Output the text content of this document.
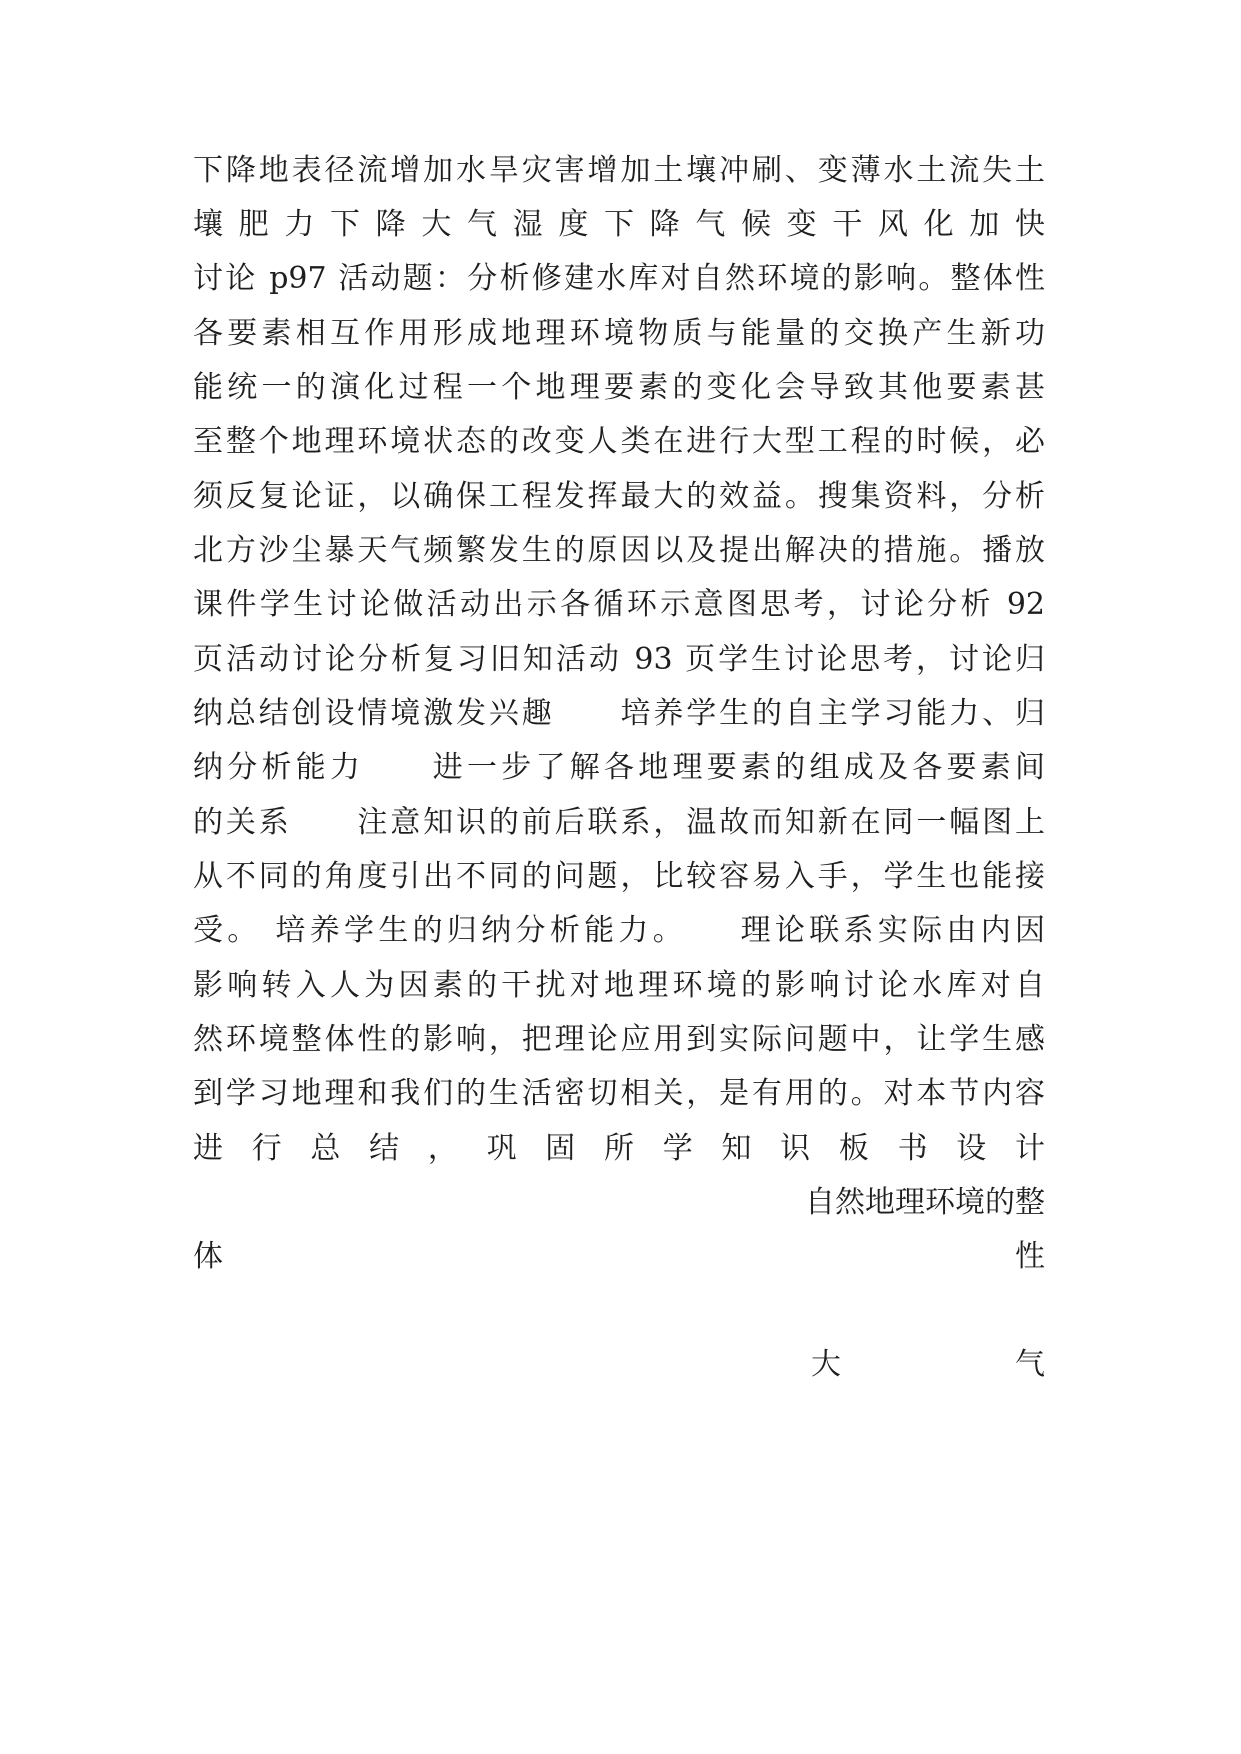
下降地表径流增加水旱灾害增加土壤冲刷、变薄水土流失土
壤肥力下降大气湿度下降气候变干风化加快
讨论 p97 活动题：分析修建水库对自然环境的影响。整体性
各要素相互作用形成地理环境物质与能量的交换产生新功
能统一的演化过程一个地理要素的变化会导致其他要素甚
至整个地理环境状态的改变人类在进行大型工程的时候，必
须反复论证，以确保工程发挥最大的效益。搜集资料，分析
北方沙尘暴天气频繁发生的原因以及提出解决的措施。播放
课件学生讨论做活动出示各循环示意图思考，讨论分析 92
页活动讨论分析复习旧知活动 93 页学生讨论思考，讨论归
纳总结创设情境激发兴趣　　培养学生的自主学习能力、归
纳分析能力　　进一步了解各地理要素的组成及各要素间
的关系　　注意知识的前后联系，温故而知新在同一幅图上
从不同的角度引出不同的问题，比较容易入手，学生也能接
受。 培养学生的归纳分析能力。　　理论联系实际由内因
影响转入人为因素的干扰对地理环境的影响讨论水库对自
然环境整体性的影响，把理论应用到实际问题中，让学生感
到学习地理和我们的生活密切相关，是有用的。对本节内容
进行总结，巩固所学知识板书设计
自然地理环境的整
体	性
大	气
